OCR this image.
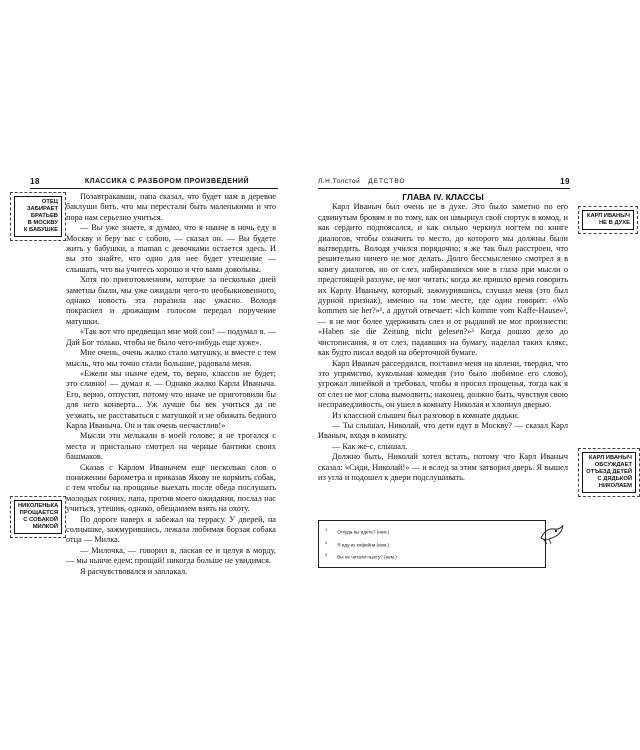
18	КЛАССИКА С РАЗБОРОМ ПРОИЗВЕДЕНИЙ
ОТЕЦ
ЗАБИРАЕТ
БРАТЬЕВ
В МОСКВУ
К БАБУШКЕ
НИКОЛЕНЬКА
ПРОЩАЕТСЯ
С СОБАКОЙ
МИЛКОЙ

Позавтракавши, папа сказал, что будет нам в деревне баклуши бить, что мы перестали быть маленькими и что пора нам серьезно учиться.

— Вы уже знаете, я думаю, что я нынче в ночь еду в Москву и беру вас с собою, — сказал он. — Вы будете жить у бабушки, а maman с девочками остается здесь. И вы это знайте, что одно для нее будет утешение — слышать, что вы учитесь хорошо и что вами довольны.

Хотя по приготовлениям, которые за несколько дней заметны были, мы уже ожидали чего-то необыкновенного, однако новость эта поразила нас ужасно. Володя покраснел и дрожащим голосом передал поручение матушки.

«Так вот что предвещал мне мой сон! — подумал я. — Дай Бог только, чтобы не было чего-нибудь еще хуже».

Мне очень, очень жалко стало матушку, и вместе с тем мысль, что мы точно стали большие, радовала меня.

«Ежели мы нынче едем, то, верно, классов не будет; это славно! — думал я. — Однако жалко Карла Иваныча. Его, верно, отпустят, потому что иначе не приготовили бы для него конверта... Уж лучше бы век учиться да не уезжать, не расставаться с матушкой и не обижать бедного Карла Иваныча. Он и так очень несчастлив!»

Мысли эти мелькали в моей голове; я не трогался с места и пристально смотрел на черные бантики своих башмаков.

Сказав с Карлом Иванычем еще несколько слов о понижении барометра и приказав Якову не кормить собак, с тем чтобы на прощанье выехать после обеда послушать молодых гончих, папа, против моего ожидания, послал нас учиться, утешив, однако, обещанием взять на охоту.

По дороге наверх я забежал на террасу. У дверей, на солнышке, зажмурившись, лежала любимая борзая собака отца — Милка.

— Милочка, — говорил я, лаская ее и целуя в морду, — мы нынче едем: прощай! никогда больше не увидимся.

Я расчувствовался и заплакал.

Л.Н.Толстой ДЕТСТВО	19

ГЛАВА IV. КЛАССЫ

Карл Иваныч был очень не в духе. Это было заметно по его сдвинутым бровям и по тому, как он швырнул свой сюртук в комод, и как сердито подпоясался, и как сильно черкнул ногтем по книге диалогов, чтобы означить то место, до которого мы должны были вытвердить. Володя учился порядочно; я же так был расстроен, что решительно ничего не мог делать. Долго бессмысленно смотрел я в книгу диалогов, но от слез, набиравшихся мне в глаза при мысли о предстоящей разлуке, не мог читать; когда же пришло время говорить их Карлу Иванычу, который, зажмурившись, слушал меня (это был дурной признак), именно на том месте, где один говорит: «Wo kommen sie her?»¹, а другой отвечает: «Ich komme vom Kaffe-Hause»², — я не мог более удерживать слез и от рыданий не мог произнести: «Haben sie die Zeitung nicht gelesen?»³ Когда дошло дело до чистописания, я от слез, падавших на бумагу, наделал таких клякс, как будто писал водой на оберточной бумаге.

Карл Иваныч рассердился, поставил меня на колени, твердил, что это упрямство, кукольная комедия (это было любимое его слово), угрожал линейкой и требовал, чтобы я просил прощенья, тогда как я от слез не мог слова вымолвить; наконец, должно быть, чувствуя свою несправедливость, он ушел в комнату Николая и хлопнул дверью.

Из классной слышен был разговор в комнате дядьки.

— Ты слышал, Николай, что дети едут в Москву? — сказал Карл Иваныч, входя в комнату.

— Как же-с, слышал.

Должно быть, Николай хотел встать, потому что Карл Иваныч сказал: «Сиди, Николай!» — и вслед за этим затворил дверь. Я вышел из угла и подошел к двери подслушивать.

$^1$Откуда вы идете? (нем.)
$^2$Я иду из кофейни (нем.)
$^3$Вы не читали газету? (нем.)
КАРЛ ИВАНЫЧ
НЕ В ДУХЕ
КАРЛ ИВАНЫЧ
ОБСУЖДАЕТ
ОТЪЕЗД ДЕТЕЙ
С ДЯДЬКОЙ
НИКОЛАЕМ
